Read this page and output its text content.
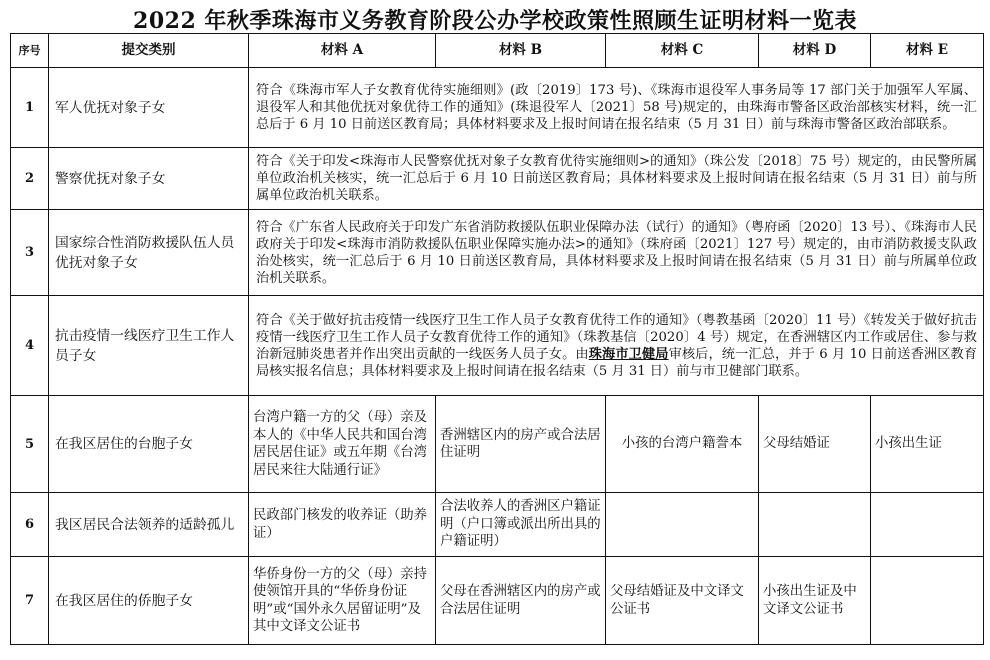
2022 年秋季珠海市义务教育阶段公办学校政策性照顾生证明材料一览表
序号	提交类别	材料 A	材料 B	材料 C	材料 D	材料 E
1	军人优抚对象子女	符合《珠海市军人子女教育优待实施细则》(政〔2019〕173 号)、《珠海市退役军人事务局等 17 部门关于加强军人军属、退役军人和其他优抚对象优待工作的通知》(珠退役军人〔2021〕58 号)规定的，由珠海市警备区政治部核实材料，统一汇总后于 6 月 10 日前送区教育局；具体材料要求及上报时间请在报名结束（5 月 31 日）前与珠海市警备区政治部联系。				
2	警察优抚对象子女	符合《关于印发<珠海市人民警察优抚对象子女教育优待实施细则>的通知》（珠公发〔2018〕75 号）规定的，由民警所属单位政治机关核实，统一汇总后于 6 月 10 日前送区教育局；具体材料要求及上报时间请在报名结束（5 月 31 日）前与所属单位政治机关联系。				
3	国家综合性消防救援队伍人员优抚对象子女	符合《广东省人民政府关于印发广东省消防救援队伍职业保障办法（试行）的通知》（粤府函〔2020〕13 号）、《珠海市人民政府关于印发<珠海市消防救援队伍职业保障实施办法>的通知》（珠府函〔2021〕127 号）规定的，由市消防救援支队政治处核实，统一汇总后于 6 月 10 日前送区教育局，具体材料要求及上报时间请在报名结束（5 月 31 日）前与所属单位政治机关联系。				
4	抗击疫情一线医疗卫生工作人员子女	符合《关于做好抗击疫情一线医疗卫生工作人员子女教育优待工作的通知》（粤教基函〔2020〕11 号）《转发关于做好抗击疫情一线医疗卫生工作人员子女教育优待工作的通知》（珠教基信〔2020〕4 号）规定，在香洲辖区内工作或居住、参与救治新冠肺炎患者并作出突出贡献的一线医务人员子女。由珠海市卫健局审核后，统一汇总，并于 6 月 10 日前送香洲区教育局核实报名信息；具体材料要求及上报时间请在报名结束（5 月 31 日）前与市卫健部门联系。				
5	在我区居住的台胞子女	台湾户籍一方的父（母）亲及本人的《中华人民共和国台湾居民居住证》或五年期《台湾居民来往大陆通行证》	香洲辖区内的房产或合法居住证明	小孩的台湾户籍誊本	父母结婚证	小孩出生证
6	我区居民合法领养的适龄孤儿	民政部门核发的收养证（助养证）	合法收养人的香洲区户籍证明（户口簿或派出所出具的户籍证明）			
7	在我区居住的侨胞子女	华侨身份一方的父（母）亲持使领馆开具的“华侨身份证明”或“国外永久居留证明”及其中文译文公证书	父母在香洲辖区内的房产或合法居住证明	父母结婚证及中文译文公证书	小孩出生证及中文译文公证书	
